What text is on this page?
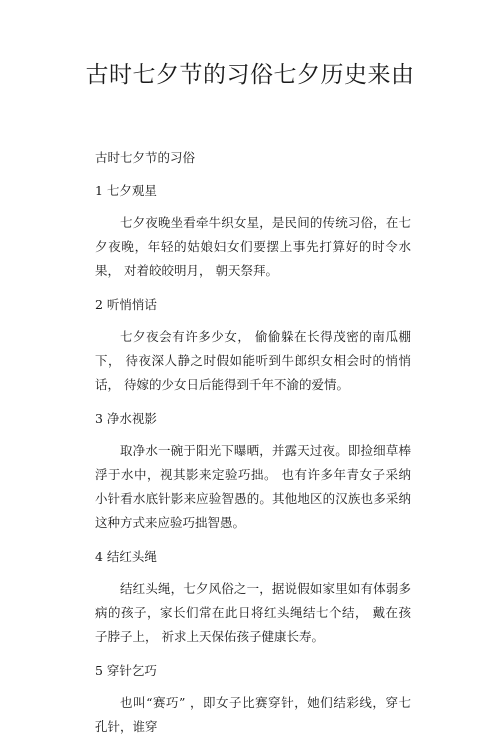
古时七夕节的习俗七夕历史来由
古时七夕节的习俗
1 七夕观星

七夕夜晚坐看牵牛织女星，是民间的传统习俗，在七夕夜晚，年轻的姑娘妇女们要摆上事先打算好的时令水果， 对着皎皎明月， 朝天祭拜。

2 听悄悄话

七夕夜会有许多少女， 偷偷躲在长得茂密的南瓜棚下， 待夜深人静之时假如能听到牛郎织女相会时的悄悄话， 待嫁的少女日后能得到千年不渝的爱情。

3 净水视影

取净水一碗于阳光下曝晒，并露天过夜。即捡细草棒浮于水中，视其影来定验巧拙。 也有许多年青女子采纳小针看水底针影来应验智愚的。其他地区的汉族也多采纳这种方式来应验巧拙智愚。

4 结红头绳

结红头绳，七夕风俗之一，据说假如家里如有体弱多病的孩子，家长们常在此日将红头绳结七个结， 戴在孩子脖子上， 祈求上天保佑孩子健康长寿。

5 穿针乞巧

也叫“赛巧” ，即女子比赛穿针，她们结彩线，穿七孔针，谁穿
